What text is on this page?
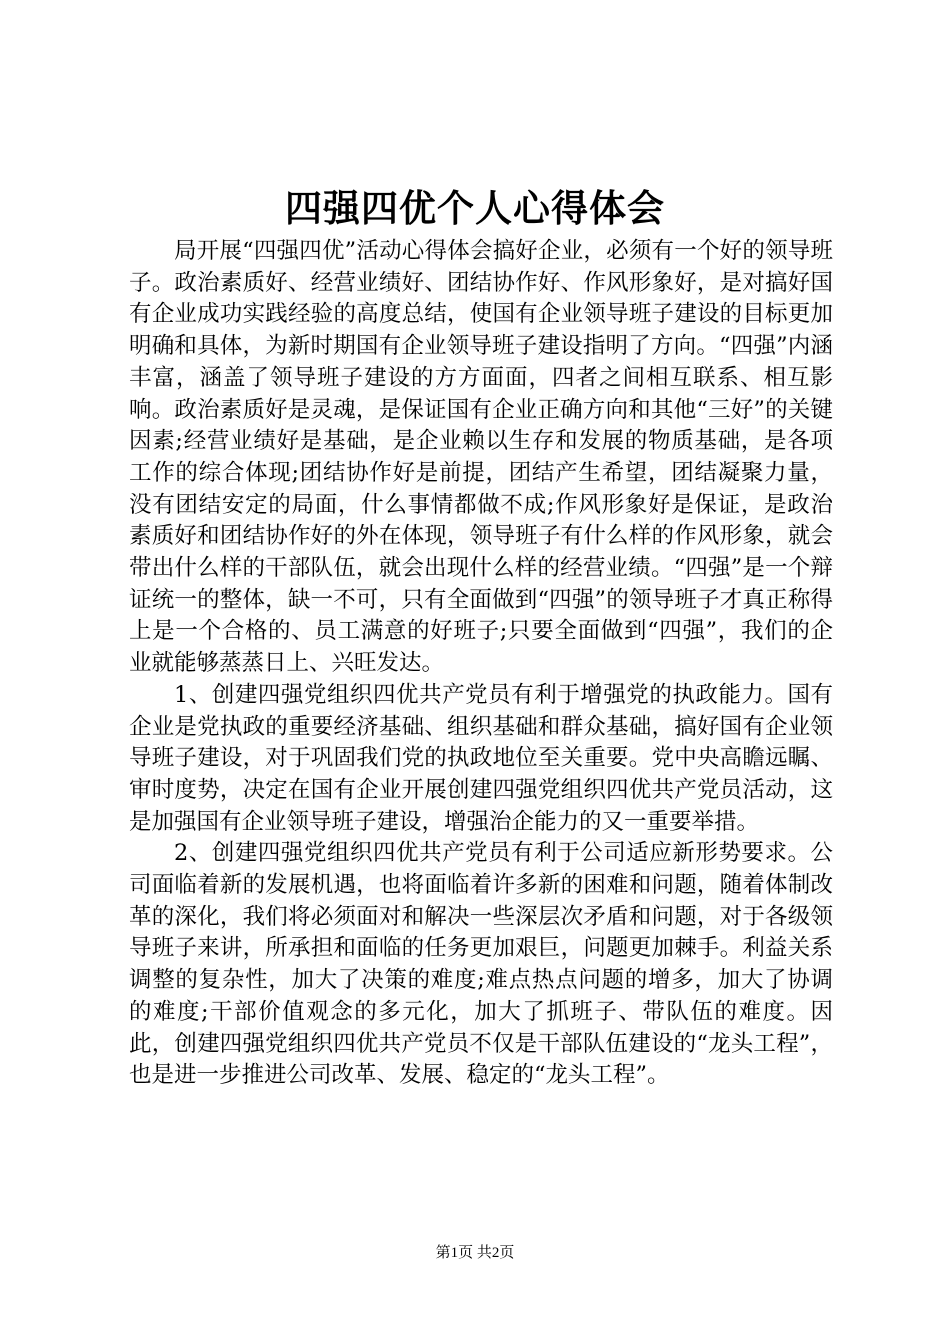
四强四优个人心得体会

局开展“四强四优”活动心得体会搞好企业，必须有一个好的领导班子。政治素质好、经营业绩好、团结协作好、作风形象好，是对搞好国有企业成功实践经验的高度总结，使国有企业领导班子建设的目标更加明确和具体，为新时期国有企业领导班子建设指明了方向。“四强”内涵丰富，涵盖了领导班子建设的方方面面，四者之间相互联系、相互影响。政治素质好是灵魂，是保证国有企业正确方向和其他“三好”的关键因素;经营业绩好是基础，是企业赖以生存和发展的物质基础，是各项工作的综合体现;团结协作好是前提，团结产生希望，团结凝聚力量，没有团结安定的局面，什么事情都做不成;作风形象好是保证，是政治素质好和团结协作好的外在体现，领导班子有什么样的作风形象，就会带出什么样的干部队伍，就会出现什么样的经营业绩。“四强”是一个辩证统一的整体，缺一不可，只有全面做到“四强”的领导班子才真正称得上是一个合格的、员工满意的好班子;只要全面做到“四强”，我们的企业就能够蒸蒸日上、兴旺发达。

1、创建四强党组织四优共产党员有利于增强党的执政能力。国有企业是党执政的重要经济基础、组织基础和群众基础，搞好国有企业领导班子建设，对于巩固我们党的执政地位至关重要。党中央高瞻远瞩、审时度势，决定在国有企业开展创建四强党组织四优共产党员活动，这是加强国有企业领导班子建设，增强治企能力的又一重要举措。

2、创建四强党组织四优共产党员有利于公司适应新形势要求。公司面临着新的发展机遇，也将面临着许多新的困难和问题，随着体制改革的深化，我们将必须面对和解决一些深层次矛盾和问题，对于各级领导班子来讲，所承担和面临的任务更加艰巨，问题更加棘手。利益关系调整的复杂性，加大了决策的难度;难点热点问题的增多，加大了协调的难度;干部价值观念的多元化，加大了抓班子、带队伍的难度。因此，创建四强党组织四优共产党员不仅是干部队伍建设的“龙头工程”，也是进一步推进公司改革、发展、稳定的“龙头工程”。

第1页 共2页
